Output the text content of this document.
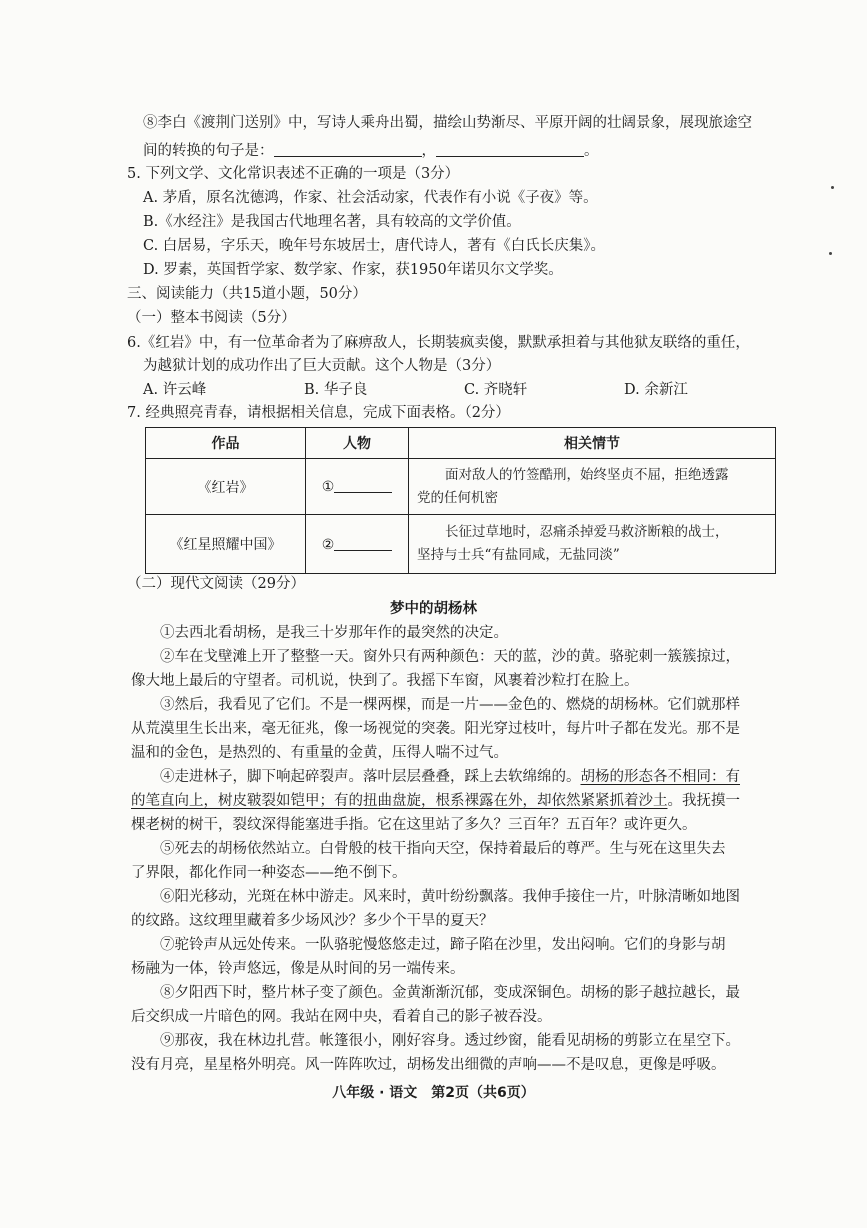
⑧李白《渡荆门送别》中，写诗人乘舟出蜀，描绘山势渐尽、平原开阔的壮阔景象，展现旅途空
间的转换的句子是：	，	。
5. 下列文学、文化常识表述不正确的一项是（3分）
A. 茅盾，原名沈德鸿，作家、社会活动家，代表作有小说《子夜》等。
B.《水经注》是我国古代地理名著，具有较高的文学价值。
C. 白居易，字乐天，晚年号东坡居士，唐代诗人，著有《白氏长庆集》。
D. 罗素，英国哲学家、数学家、作家，获1950年诺贝尔文学奖。
三、阅读能力（共15道小题，50分）
（一）整本书阅读（5分）
6.《红岩》中，有一位革命者为了麻痹敌人，长期装疯卖傻，默默承担着与其他狱友联络的重任，
为越狱计划的成功作出了巨大贡献。这个人物是（3分）
A. 许云峰	B. 华子良	C. 齐晓轩	D. 余新江
7. 经典照亮青春，请根据相关信息，完成下面表格。（2分）
作品	人物	相关情节
《红岩》	①	面对敌人的竹签酷刑，始终坚贞不屈，拒绝透露
党的任何机密

《红星照耀中国》	②	长征过草地时，忍痛杀掉爱马救济断粮的战士，
坚持与士兵“有盐同咸，无盐同淡”
（二）现代文阅读（29分）
梦中的胡杨林
①去西北看胡杨，是我三十岁那年作的最突然的决定。
②车在戈壁滩上开了整整一天。窗外只有两种颜色：天的蓝，沙的黄。骆驼刺一簇簇掠过，
像大地上最后的守望者。司机说，快到了。我摇下车窗，风裹着沙粒打在脸上。
③然后，我看见了它们。不是一棵两棵，而是一片——金色的、燃烧的胡杨林。它们就那样
从荒漠里生长出来，毫无征兆，像一场视觉的突袭。阳光穿过枝叶，每片叶子都在发光。那不是
温和的金色，是热烈的、有重量的金黄，压得人喘不过气。
④走进林子，脚下响起碎裂声。落叶层层叠叠，踩上去软绵绵的。胡杨的形态各不相同：有
的笔直向上，树皮皲裂如铠甲；有的扭曲盘旋，根系裸露在外，却依然紧紧抓着沙土。我抚摸一
棵老树的树干，裂纹深得能塞进手指。它在这里站了多久？三百年？五百年？或许更久。
⑤死去的胡杨依然站立。白骨般的枝干指向天空，保持着最后的尊严。生与死在这里失去
了界限，都化作同一种姿态——绝不倒下。
⑥阳光移动，光斑在林中游走。风来时，黄叶纷纷飘落。我伸手接住一片，叶脉清晰如地图
的纹路。这纹理里藏着多少场风沙？多少个干旱的夏天？
⑦驼铃声从远处传来。一队骆驼慢悠悠走过，蹄子陷在沙里，发出闷响。它们的身影与胡
杨融为一体，铃声悠远，像是从时间的另一端传来。
⑧夕阳西下时，整片林子变了颜色。金黄渐渐沉郁，变成深铜色。胡杨的影子越拉越长，最
后交织成一片暗色的网。我站在网中央，看着自己的影子被吞没。
⑨那夜，我在林边扎营。帐篷很小，刚好容身。透过纱窗，能看见胡杨的剪影立在星空下。
没有月亮，星星格外明亮。风一阵阵吹过，胡杨发出细微的声响——不是叹息，更像是呼吸。
八年级 · 语文　第2页（共6页）
